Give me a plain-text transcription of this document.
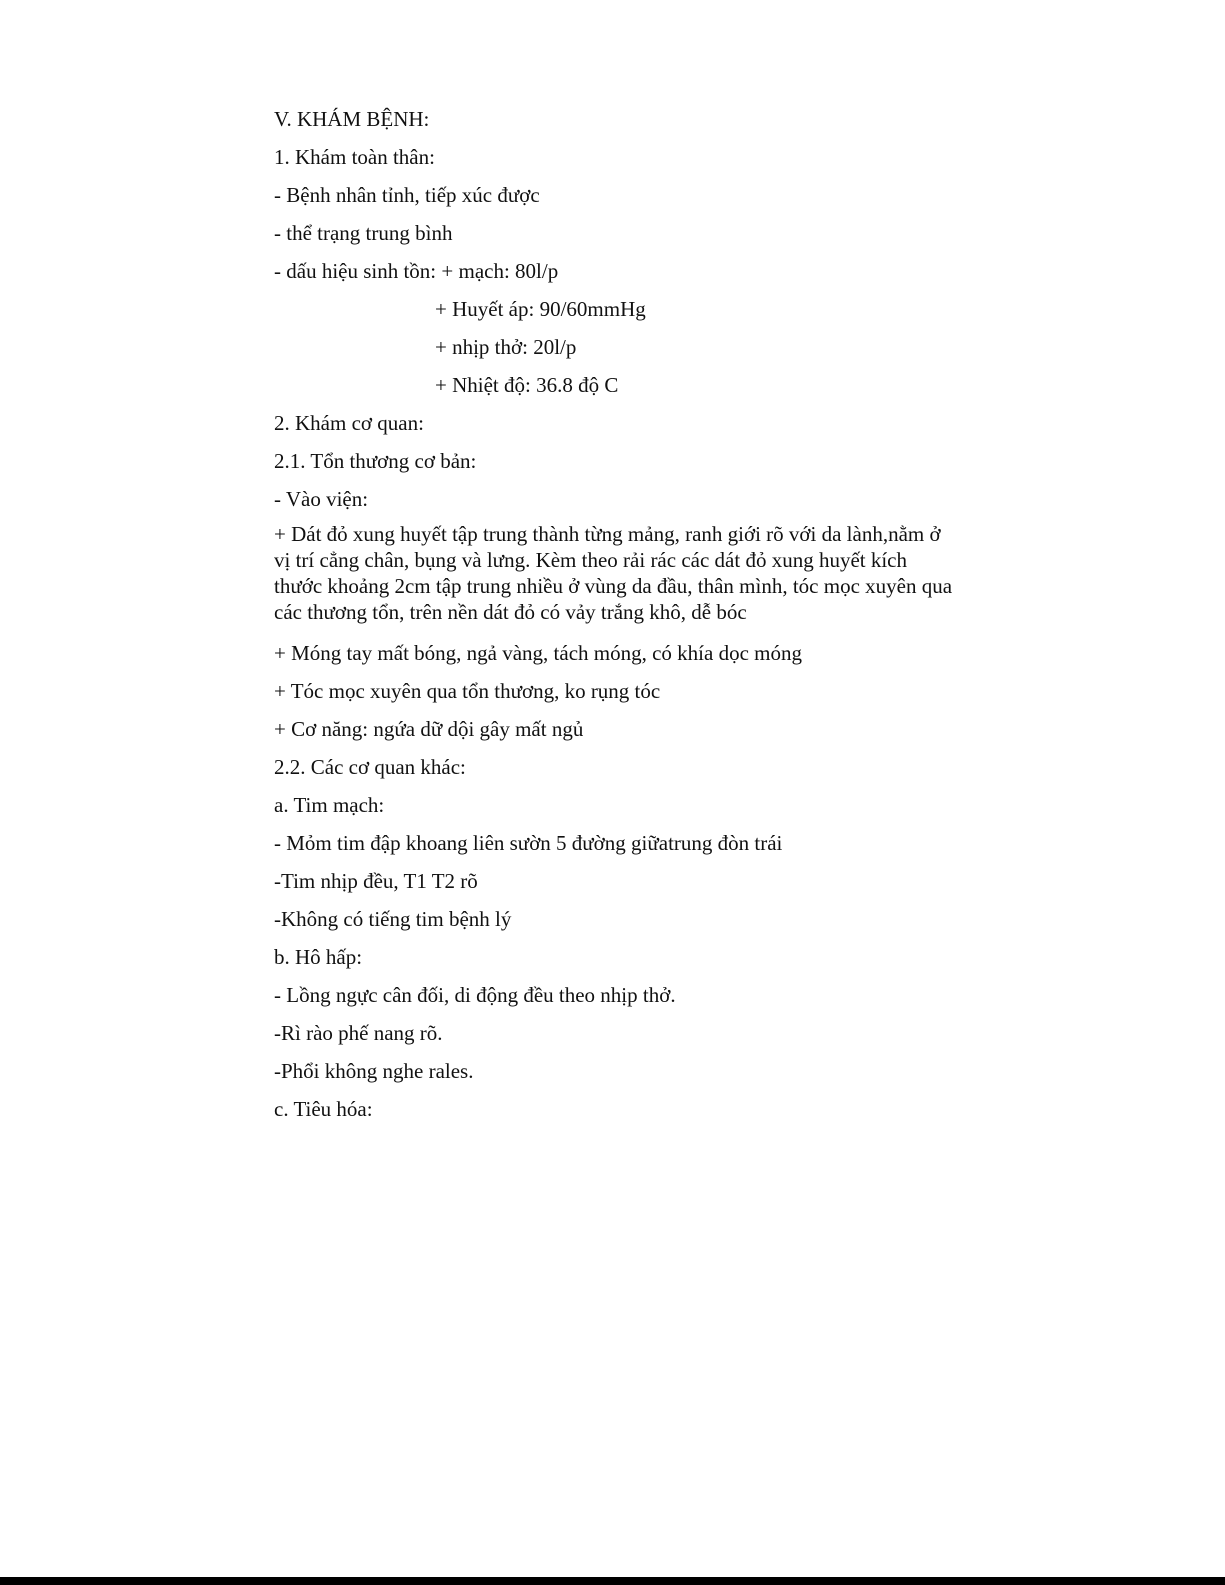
V. KHÁM BỆNH:

1. Khám toàn thân:

- Bệnh nhân tỉnh, tiếp xúc được

- thể trạng trung bình

- dấu hiệu sinh tồn: + mạch: 80l/p

+ Huyết áp: 90/60mmHg

+ nhịp thở: 20l/p

+ Nhiệt độ: 36.8 độ C

2. Khám cơ quan:

2.1. Tổn thương cơ bản:

- Vào viện:

+ Dát đỏ xung huyết tập trung thành từng mảng, ranh giới rõ với da lành,nằm ở vị trí cẳng chân, bụng và lưng. Kèm theo rải rác các dát đỏ xung huyết kích thước khoảng 2cm tập trung nhiều ở vùng da đầu, thân mình, tóc mọc xuyên qua các thương tổn, trên nền dát đỏ có vảy trắng khô, dễ bóc

+ Móng tay mất bóng, ngả vàng, tách móng, có khía dọc móng

+ Tóc mọc xuyên qua tổn thương, ko rụng tóc

+ Cơ năng: ngứa dữ dội gây mất ngủ

2.2. Các cơ quan khác:

a. Tim mạch:

- Mỏm tim đập khoang liên sườn 5 đường giữatrung đòn trái

-Tim nhịp đều, T1 T2 rõ

-Không có tiếng tim bệnh lý

b. Hô hấp:

- Lồng ngực cân đối, di động đều theo nhịp thở.

-Rì rào phế nang rõ.

-Phổi không nghe rales.

c. Tiêu hóa:
